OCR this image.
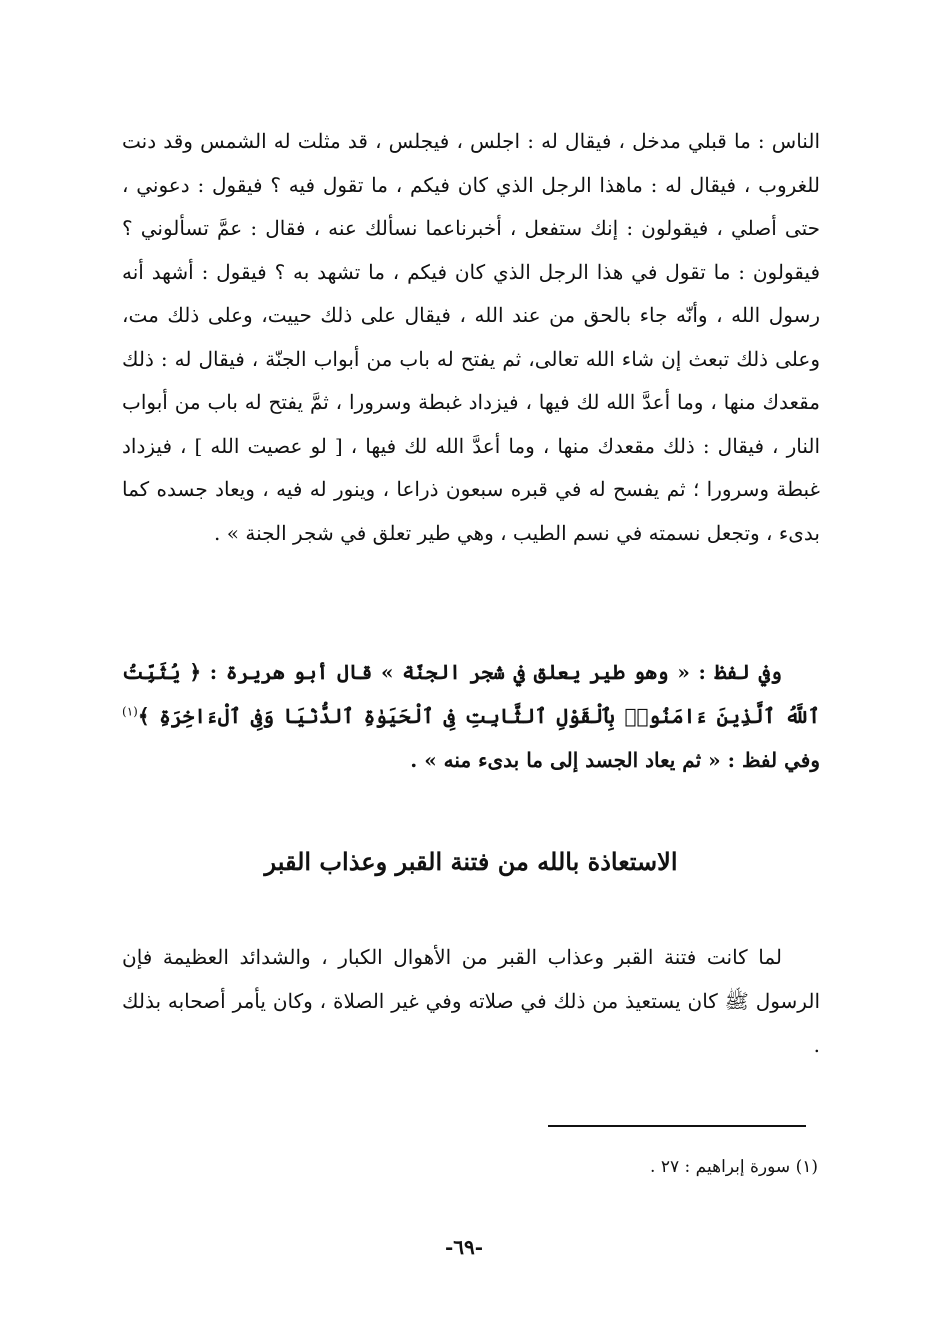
الناس : ما قبلي مدخل ، فيقال له : اجلس ، فيجلس ، قد مثلت له الشمس وقد دنت للغروب ، فيقال له : ماهذا الرجل الذي كان فيكم ، ما تقول فيه ؟ فيقول : دعوني ، حتى أصلي ، فيقولون : إنك ستفعل ، أخبرناعما نسألك عنه ، فقال : عمَّ تسألوني ؟ فيقولون : ما تقول في هذا الرجل الذي كان فيكم ، ما تشهد به ؟ فيقول : أشهد أنه رسول الله ، وأنّه جاء بالحق من عند الله ، فيقال على ذلك حييت، وعلى ذلك مت، وعلى ذلك تبعث إن شاء الله تعالى، ثم يفتح له باب من أبواب الجنّة ، فيقال له : ذلك مقعدك منها ، وما أعدَّ الله لك فيها ، فيزداد غبطة وسرورا ، ثمَّ يفتح له باب من أبواب النار ، فيقال : ذلك مقعدك منها ، وما أعدَّ الله لك فيها ، [ لو عصيت الله ] ، فيزداد غبطة وسرورا ؛ ثم يفسح له في قبره سبعون ذراعا ، وينور له فيه ، ويعاد جسده كما بدىء ، وتجعل نسمته في نسم الطيب ، وهي طير تعلق في شجر الجنة » .
وفي لفظ : « وهو طير يعلق في شجر الجنّة » قال أبو هريرة : ﴿ يُثَبِّتُ ٱللَّهُ ٱلَّذِينَ ءَامَنُوا۟ بِٱلْقَوْلِ ٱلثَّابِتِ فِى ٱلْحَيَوٰةِ ٱلدُّنْيَا وَفِى ٱلْءَاخِرَةِ ﴾$^{(١)}$ وفي لفظ : « ثم يعاد الجسد إلى ما بدىء منه » .
الاستعاذة بالله من فتنة القبر وعذاب القبر
لما كانت فتنة القبر وعذاب القبر من الأهوال الكبار ، والشدائد العظيمة فإن الرسول ﷺ كان يستعيذ من ذلك في صلاته وفي غير الصلاة ، وكان يأمر أصحابه بذلك .
(١) سورة إبراهيم : ٢٧ .
-٦٩-
